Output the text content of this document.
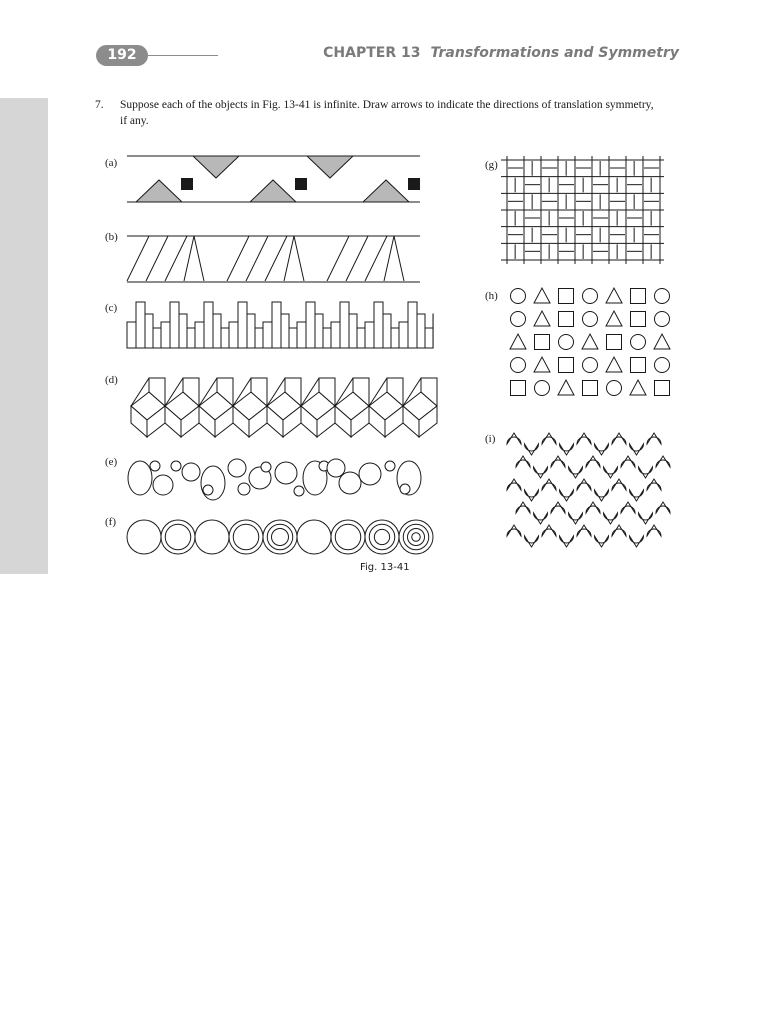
192	CHAPTER 13 Transformations and Symmetry
7. Suppose each of the objects in Fig. 13-41 is infinite. Draw arrows to indicate the directions of translation symmetry, if any.
(a)
(b)
(c)
(d)
(e)
(f)
(g)
(h)
(i)
Fig. 13-41
